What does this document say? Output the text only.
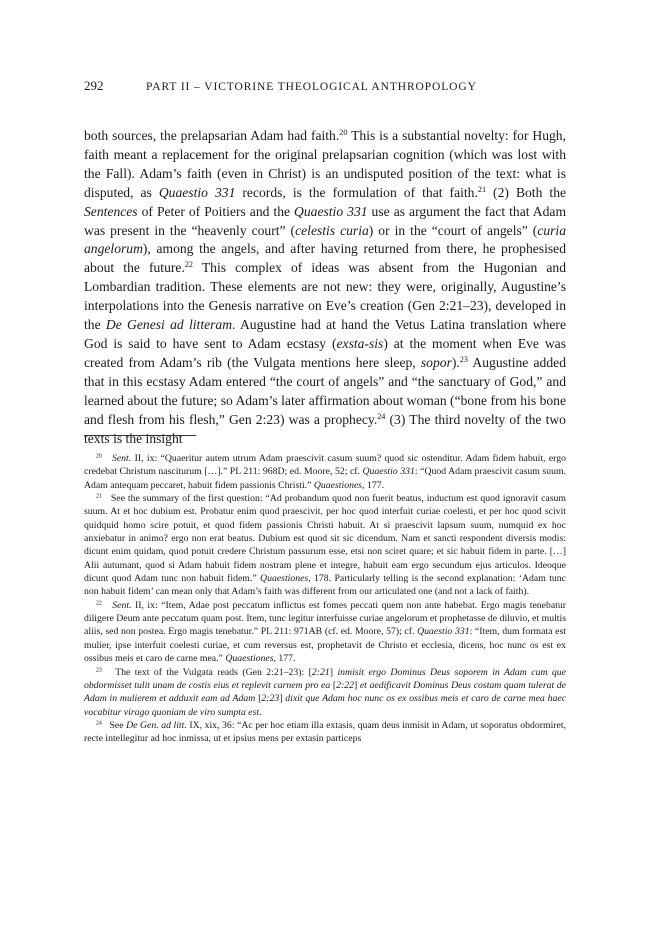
292	PART II – VICTORINE THEOLOGICAL ANTHROPOLOGY

both sources, the prelapsarian Adam had faith.$^{20}$ This is a substantial novelty: for Hugh, faith meant a replacement for the original prelapsarian cognition (which was lost with the Fall). Adam’s faith (even in Christ) is an undisputed position of the text: what is disputed, as Quaestio 331 records, is the formulation of that faith.$^{21}$ (2) Both the Sentences of Peter of Poitiers and the Quaestio 331 use as argument the fact that Adam was present in the “heavenly court” (celestis curia) or in the “court of angels” (curia angelorum), among the angels, and after having returned from there, he prophesised about the future.$^{22}$ This complex of ideas was absent from the Hugonian and Lombardian tradition. These elements are not new: they were, originally, Augustine’s interpolations into the Genesis narrative on Eve’s creation (Gen 2:21–23), developed in the De Genesi ad litteram. Augustine had at hand the Vetus Latina translation where God is said to have sent to Adam ecstasy (exsta-sis) at the moment when Eve was created from Adam’s rib (the Vulgata mentions here sleep, sopor).$^{23}$ Augustine added that in this ecstasy Adam entered “the court of angels” and “the sanctuary of God,” and learned about the future; so Adam’s later affirmation about woman (“bone from his bone and flesh from his flesh,” Gen 2:23) was a prophecy.$^{24}$ (3) The third novelty of the two texts is the insight

$^{20}$ Sent. II, ix: “Quaeritur autem utrum Adam praescivit casum suum? quod sic ostenditur. Adam fidem habuit, ergo credebat Christum nasciturum […].” PL 211: 968D; ed. Moore, 52; cf. Quaestio 331: “Quod Adam praescivit casum suum. Adam antequam peccaret, habuit fidem passionis Christi.” Quaestiones, 177.

$^{21}$ See the summary of the first question: “Ad probandum quod non fuerit beatus, inductum est quod ignoravit casum suum. At et hoc dubium est. Probatur enim quod praescivit, per hoc quod interfuit curiae coelesti, et per hoc quod scivit quidquid homo scire potuit, et quod fidem passionis Christi habuit. At si praescivit lapsum suum, numquid ex hoc anxiebatur in animo? ergo non erat beatus. Dubium est quod sit sic dicendum. Nam et sancti respondent diversis modis: dicunt enim quidam, quod potuit credere Christum passurum esse, etsi non sciret quare; et sic habuit fidem in parte. […] Alii autumant, quod si Adam habuit fidem nostram plene et integre, habuit eam ergo secundum ejus articulos. Ideoque dicunt quod Adam tunc non habuit fidem.” Quaestiones, 178. Particularly telling is the second explanation: ‘Adam tunc non habuit fidem’ can mean only that Adam’s faith was different from our articulated one (and not a lack of faith).

$^{22}$ Sent. II, ix: “Item, Adae post peccatum inflictus est fomes peccati quem non ante habebat. Ergo magis tenebatur diligere Deum ante peccatum quam post. Item, tunc legitur interfuisse curiae angelorum et prophetasse de diluvio, et multis aliis, sed non postea. Ergo magis tenebatur.” PL 211: 971AB (cf. ed. Moore, 57); cf. Quaestio 331: “Item, dum formata est mulier, ipse interfuit coelesti curiae, et cum reversus est, prophetavit de Christo et ecclesia, dicens, hoc nunc os est ex ossibus meis et caro de carne mea.” Quaestiones, 177.

$^{23}$ The text of the Vulgata reads (Gen 2:21–23): [2:21] inmisit ergo Dominus Deus soporem in Adam cum que obdormisset tulit unam de costis eius et replevit carnem pro ea [2:22] et aedificavit Dominus Deus costam quam tulerat de Adam in mulierem et adduxit eam ad Adam [2:23] dixit que Adam hoc nunc os ex ossibus meis et caro de carne mea haec vocabitur virago quoniam de viro sumpta est.

$^{24}$ See De Gen. ad litt. IX, xix, 36: “Ac per hoc etiam illa extasis, quam deus inmisit in Adam, ut soporatus obdormiret, recte intellegitur ad hoc inmissa, ut et ipsius mens per extasin particeps
